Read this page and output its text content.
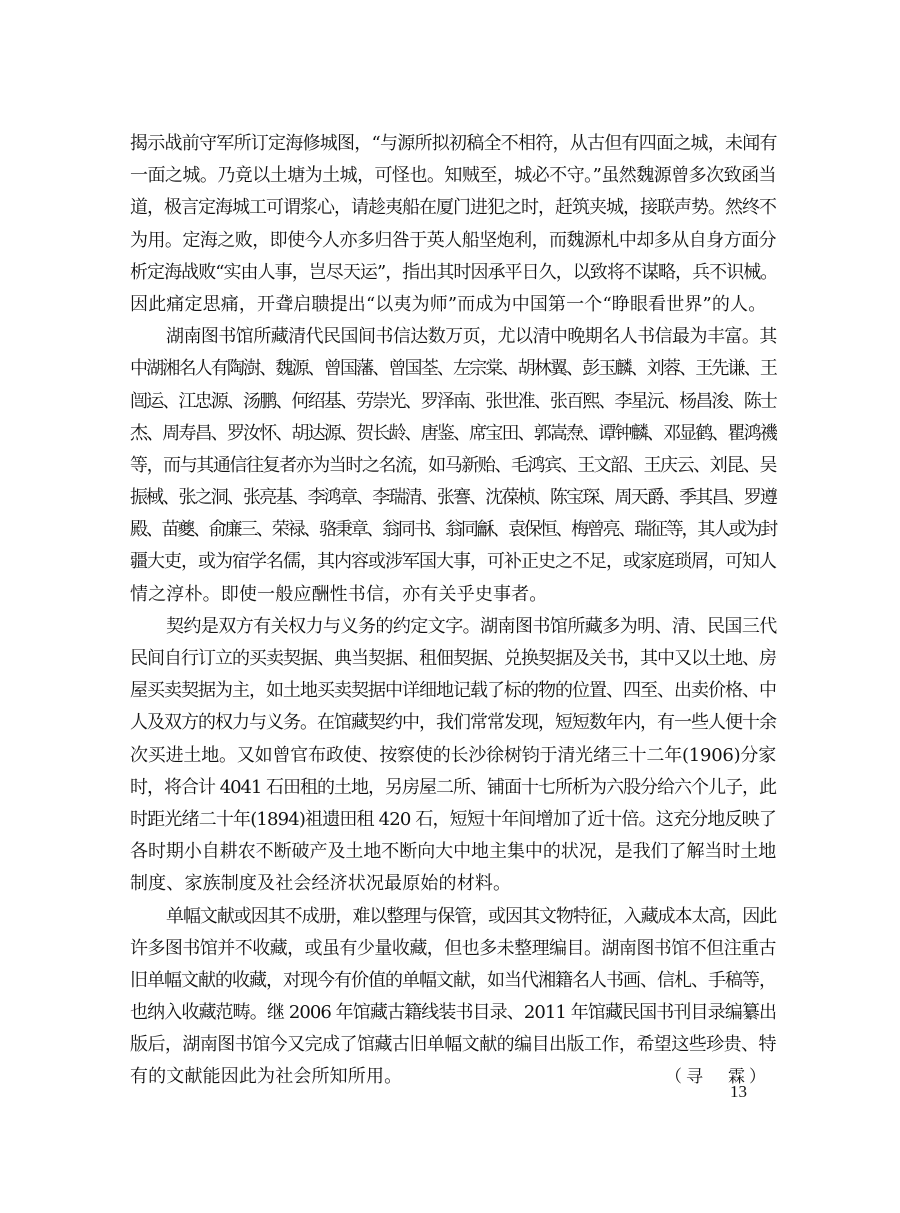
揭示战前守军所订定海修城图，“与源所拟初稿全不相符，从古但有四面之城，未闻有
一面之城。乃竟以土塘为土城，可怪也。知贼至，城必不守。”虽然魏源曾多次致函当
道，极言定海城工可谓浆心，请趁夷船在厦门进犯之时，赶筑夹城，接联声势。然终不
为用。定海之败，即使今人亦多归咎于英人船坚炮利，而魏源札中却多从自身方面分
析定海战败“实由人事，岂尽天运”，指出其时因承平日久，以致将不谋略，兵不识械。
因此痛定思痛，开聋启聩提出“以夷为师”而成为中国第一个“睁眼看世界”的人。
湖南图书馆所藏清代民国间书信达数万页，尤以清中晚期名人书信最为丰富。其
中湖湘名人有陶澍、魏源、曾国藩、曾国荃、左宗棠、胡林翼、彭玉麟、刘蓉、王先谦、王
闿运、江忠源、汤鹏、何绍基、劳崇光、罗泽南、张世准、张百熙、李星沅、杨昌浚、陈士
杰、周寿昌、罗汝怀、胡达源、贺长龄、唐鉴、席宝田、郭嵩焘、谭钟麟、邓显鹤、瞿鸿禨
等，而与其通信往复者亦为当时之名流，如马新贻、毛鸿宾、王文韶、王庆云、刘昆、吴
振棫、张之洞、张亮基、李鸿章、李瑞清、张謇、沈葆桢、陈宝琛、周天爵、季其昌、罗遵
殿、苗夔、俞廉三、荣禄、骆秉章、翁同书、翁同龢、袁保恒、梅曾亮、瑞征等，其人或为封
疆大吏，或为宿学名儒，其内容或涉军国大事，可补正史之不足，或家庭琐屑，可知人
情之淳朴。即使一般应酬性书信，亦有关乎史事者。
契约是双方有关权力与义务的约定文字。湖南图书馆所藏多为明、清、民国三代
民间自行订立的买卖契据、典当契据、租佃契据、兑换契据及关书，其中又以土地、房
屋买卖契据为主，如土地买卖契据中详细地记载了标的物的位置、四至、出卖价格、中
人及双方的权力与义务。在馆藏契约中，我们常常发现，短短数年内，有一些人便十余
次买进土地。又如曾官布政使、按察使的长沙徐树钧于清光绪三十二年(1906)分家
时，将合计 4041 石田租的土地，另房屋二所、铺面十七所析为六股分给六个儿子，此
时距光绪二十年(1894)祖遗田租 420 石，短短十年间增加了近十倍。这充分地反映了
各时期小自耕农不断破产及土地不断向大中地主集中的状况，是我们了解当时土地
制度、家族制度及社会经济状况最原始的材料。
单幅文献或因其不成册，难以整理与保管，或因其文物特征，入藏成本太高，因此
许多图书馆并不收藏，或虽有少量收藏，但也多未整理编目。湖南图书馆不但注重古
旧单幅文献的收藏，对现今有价值的单幅文献，如当代湘籍名人书画、信札、手稿等，
也纳入收藏范畴。继 2006 年馆藏古籍线装书目录、2011 年馆藏民国书刊目录编纂出
版后，湖南图书馆今又完成了馆藏古旧单幅文献的编目出版工作，希望这些珍贵、特
有的文献能因此为社会所知所用。	（寻　霖）
13
